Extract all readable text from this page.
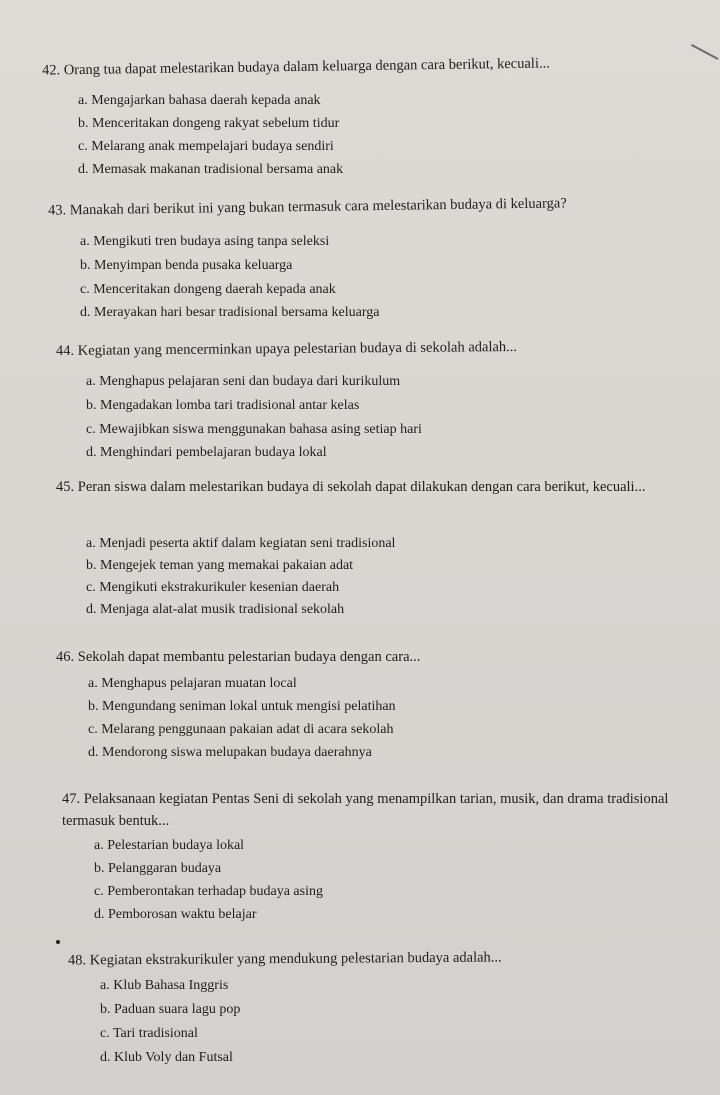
42. Orang tua dapat melestarikan budaya dalam keluarga dengan cara berikut, kecuali...
a. Mengajarkan bahasa daerah kepada anak
b. Menceritakan dongeng rakyat sebelum tidur
c. Melarang anak mempelajari budaya sendiri
d. Memasak makanan tradisional bersama anak
43. Manakah dari berikut ini yang bukan termasuk cara melestarikan budaya di keluarga?
a. Mengikuti tren budaya asing tanpa seleksi
b. Menyimpan benda pusaka keluarga
c. Menceritakan dongeng daerah kepada anak
d. Merayakan hari besar tradisional bersama keluarga
44. Kegiatan yang mencerminkan upaya pelestarian budaya di sekolah adalah...
a. Menghapus pelajaran seni dan budaya dari kurikulum
b. Mengadakan lomba tari tradisional antar kelas
c. Mewajibkan siswa menggunakan bahasa asing setiap hari
d. Menghindari pembelajaran budaya lokal
45. Peran siswa dalam melestarikan budaya di sekolah dapat dilakukan dengan cara berikut, kecuali...
a. Menjadi peserta aktif dalam kegiatan seni tradisional
b. Mengejek teman yang memakai pakaian adat
c. Mengikuti ekstrakurikuler kesenian daerah
d. Menjaga alat-alat musik tradisional sekolah
46. Sekolah dapat membantu pelestarian budaya dengan cara...
a. Menghapus pelajaran muatan local
b. Mengundang seniman lokal untuk mengisi pelatihan
c. Melarang penggunaan pakaian adat di acara sekolah
d. Mendorong siswa melupakan budaya daerahnya
47. Pelaksanaan kegiatan Pentas Seni di sekolah yang menampilkan tarian, musik, dan drama tradisional termasuk bentuk...
a. Pelestarian budaya lokal
b. Pelanggaran budaya
c. Pemberontakan terhadap budaya asing
d. Pemborosan waktu belajar
48. Kegiatan ekstrakurikuler yang mendukung pelestarian budaya adalah...
a. Klub Bahasa Inggris
b. Paduan suara lagu pop
c. Tari tradisional
d. Klub Voly dan Futsal
